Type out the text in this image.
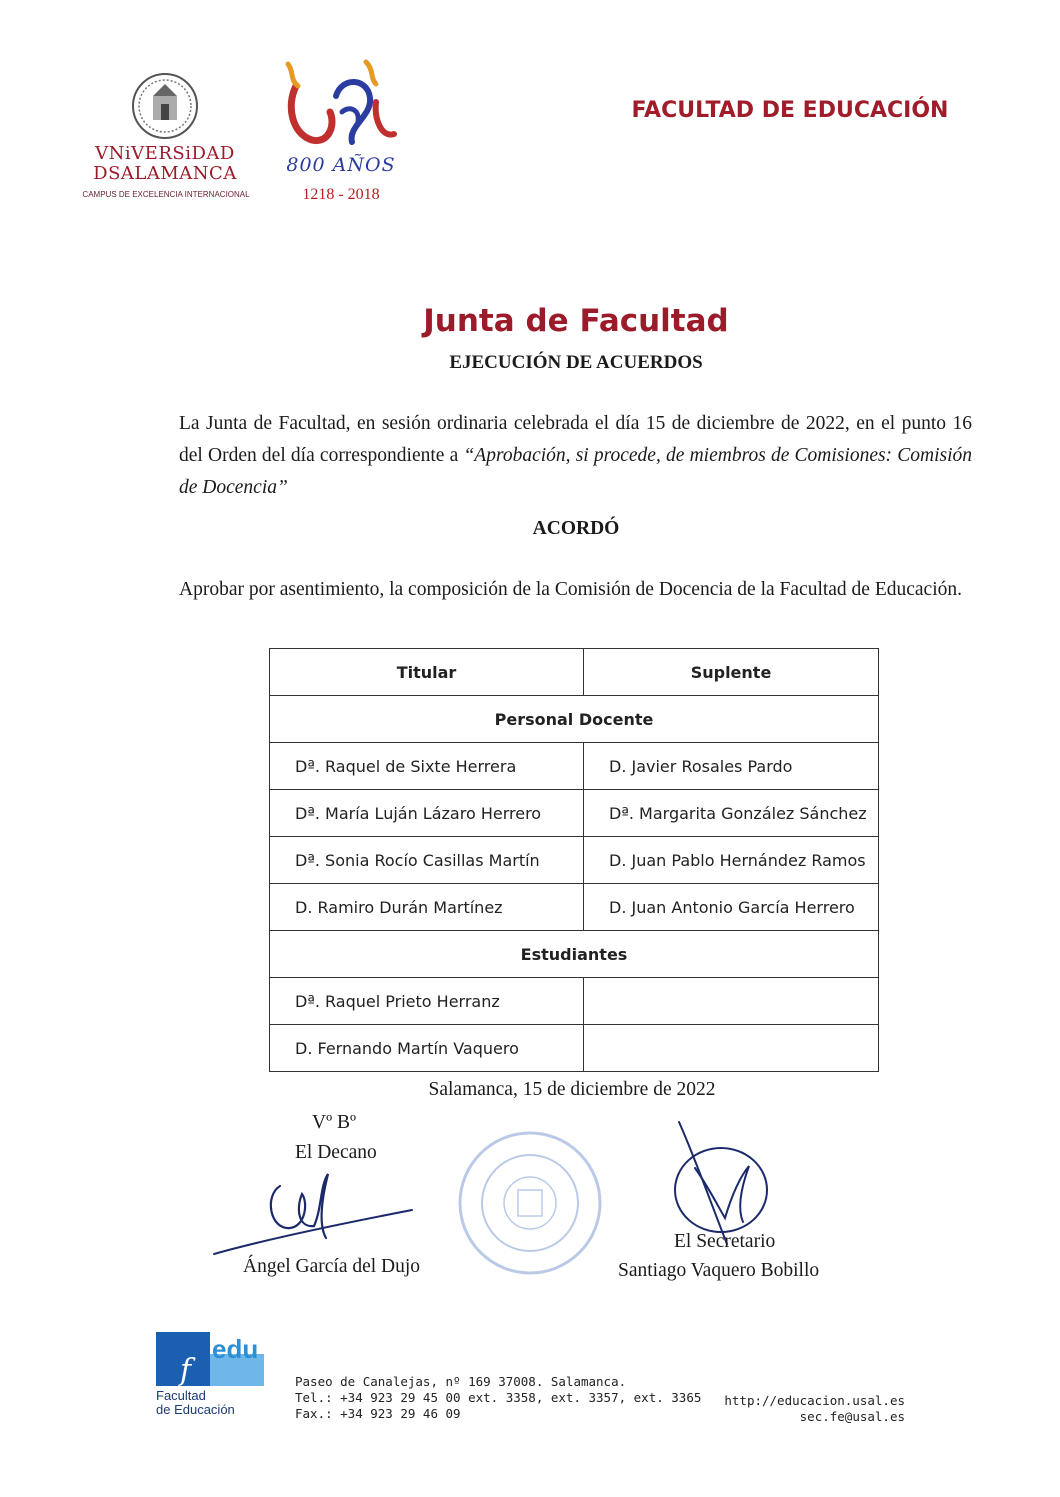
VNiVERSiDAD
DSALAMANCA
CAMPUS DE EXCELENCIA INTERNACIONAL
800 AÑOS
1218 - 2018
FACULTAD DE EDUCACIÓN
Junta de Facultad
EJECUCIÓN DE ACUERDOS
La Junta de Facultad, en sesión ordinaria celebrada el día 15 de diciembre de 2022, en el punto 16 del Orden del día correspondiente a “Aprobación, si procede, de miembros de Comisiones: Comisión de Docencia”
ACORDÓ
Aprobar por asentimiento, la composición de la Comisión de Docencia de la Facultad de Educación.
Titular	Suplente
Personal Docente	
Dª. Raquel de Sixte Herrera	D. Javier Rosales Pardo
Dª. María Luján Lázaro Herrero	Dª. Margarita González Sánchez
Dª. Sonia Rocío Casillas Martín	D. Juan Pablo Hernández Ramos
D. Ramiro Durán Martínez	D. Juan Antonio García Herrero
Estudiantes	
Dª. Raquel Prieto Herranz	
D. Fernando Martín Vaquero	
Salamanca, 15 de diciembre de 2022
Vº Bº
El Decano
Ángel García del Dujo
El Secretario
Santiago Vaquero Bobillo
f
edu
Facultad
de Educación
Paseo de Canalejas, nº 169 37008. Salamanca.
Tel.: +34 923 29 45 00 ext. 3358, ext. 3357, ext. 3365
Fax.: +34 923 29 46 09
http://educacion.usal.es
sec.fe@usal.es
